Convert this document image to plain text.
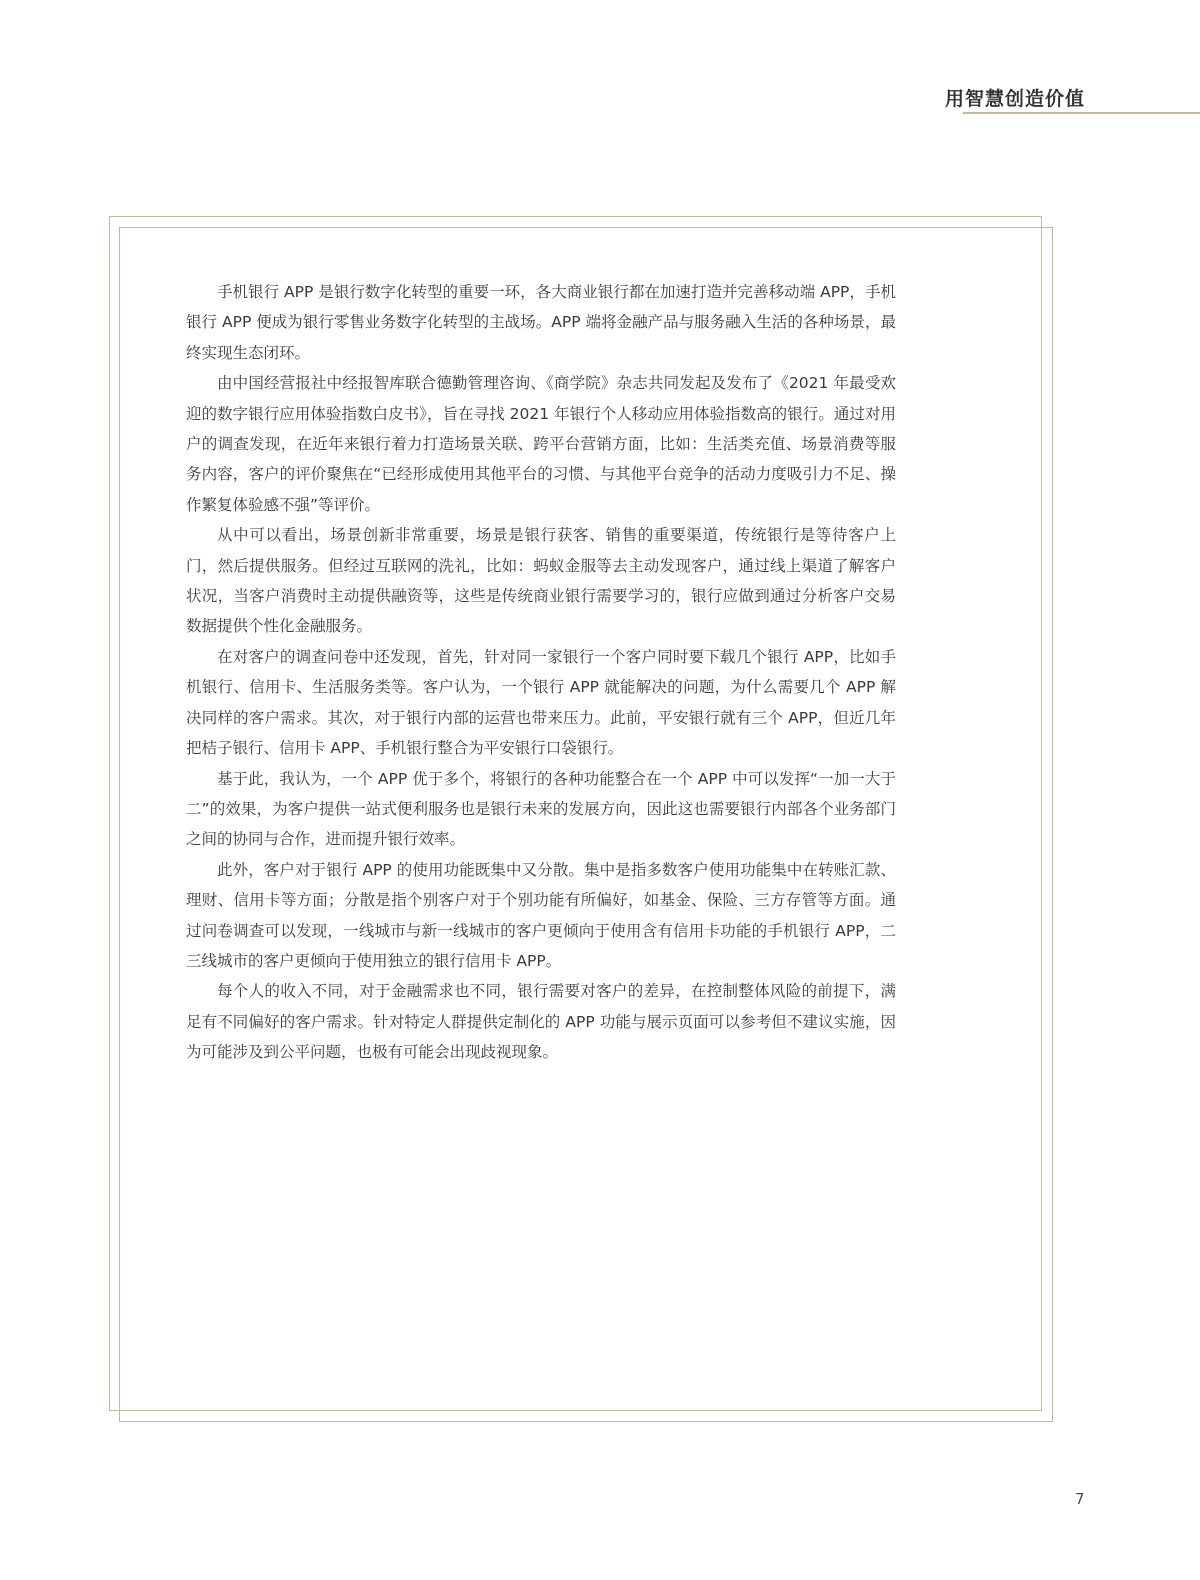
用智慧创造价值

手机银行 APP 是银行数字化转型的重要一环，各大商业银行都在加速打造并完善移动端 APP，手机银行 APP 便成为银行零售业务数字化转型的主战场。APP 端将金融产品与服务融入生活的各种场景，最终实现生态闭环。

由中国经营报社中经报智库联合德勤管理咨询、《商学院》杂志共同发起及发布了《2021 年最受欢迎的数字银行应用体验指数白皮书》，旨在寻找 2021 年银行个人移动应用体验指数高的银行。通过对用户的调查发现，在近年来银行着力打造场景关联、跨平台营销方面，比如：生活类充值、场景消费等服务内容，客户的评价聚焦在“已经形成使用其他平台的习惯、与其他平台竞争的活动力度吸引力不足、操作繁复体验感不强”等评价。

从中可以看出，场景创新非常重要，场景是银行获客、销售的重要渠道，传统银行是等待客户上门，然后提供服务。但经过互联网的洗礼，比如：蚂蚁金服等去主动发现客户，通过线上渠道了解客户状况，当客户消费时主动提供融资等，这些是传统商业银行需要学习的，银行应做到通过分析客户交易数据提供个性化金融服务。

在对客户的调查问卷中还发现，首先，针对同一家银行一个客户同时要下载几个银行 APP，比如手机银行、信用卡、生活服务类等。客户认为，一个银行 APP 就能解决的问题，为什么需要几个 APP 解决同样的客户需求。其次，对于银行内部的运营也带来压力。此前，平安银行就有三个 APP，但近几年把桔子银行、信用卡 APP、手机银行整合为平安银行口袋银行。

基于此，我认为，一个 APP 优于多个，将银行的各种功能整合在一个 APP 中可以发挥“一加一大于二”的效果，为客户提供一站式便利服务也是银行未来的发展方向，因此这也需要银行内部各个业务部门之间的协同与合作，进而提升银行效率。

此外，客户对于银行 APP 的使用功能既集中又分散。集中是指多数客户使用功能集中在转账汇款、理财、信用卡等方面；分散是指个别客户对于个别功能有所偏好，如基金、保险、三方存管等方面。通过问卷调查可以发现，一线城市与新一线城市的客户更倾向于使用含有信用卡功能的手机银行 APP，二三线城市的客户更倾向于使用独立的银行信用卡 APP。

每个人的收入不同，对于金融需求也不同，银行需要对客户的差异，在控制整体风险的前提下，满足有不同偏好的客户需求。针对特定人群提供定制化的 APP 功能与展示页面可以参考但不建议实施，因为可能涉及到公平问题，也极有可能会出现歧视现象。

7
